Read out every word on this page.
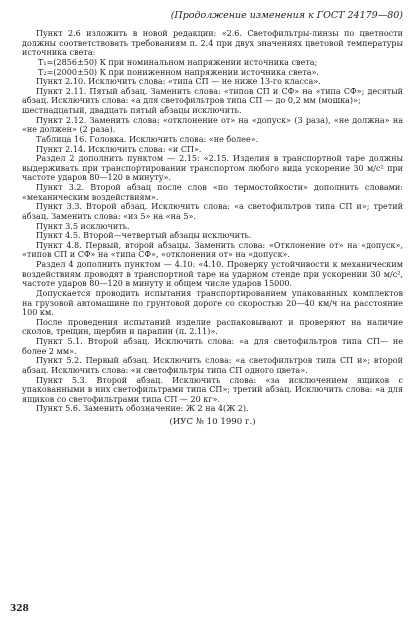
(Продолжение изменения к ГОСТ 24179—80)

Пункт 2.6 изложить в новой редакции: «2.6. Светофильтры-линзы по цветности должны соответствовать требованиям п. 2.4 при двух значениях цветовой температуры источника света:

T₁=(2856±50) К при номинальном напряжении источника света;

T₂=(2000±50) К при пониженном напряжении источника света».

Пункт 2.10. Исключить слова: «типа СП — не ниже 13-го класса».

Пункт 2.11. Пятый абзац. Заменить слова: «типов СП и СФ» на «типа СФ»; десятый абзац. Исключить слова: «а для светофильтров типа СП — до 0,2 мм (мошка)»;

шестнадцатый, двадцать пятый абзацы исключить.

Пункт 2.12. Заменить слова: «отклонение от» на «допуск» (3 раза), «не должна» на «не должен» (2 раза).

Таблица 16. Головка. Исключить слова: «не более».

Пункт 2.14. Исключить слова: «и СП».

Раздел 2 дополнить пунктом — 2.15: «2.15. Изделия в транспортной таре должны выдерживать при транспортировании транспортом любого вида ускорение 30 м/с² при частоте ударов 80—120 в минуту».

Пункт 3.2. Второй абзац после слов «по термостойкости» дополнить словами: «механическим воздействиям».

Пункт 3.3. Второй абзац. Исключить слова: «а светофильтров типа СП и»; третий абзац. Заменить слова: «из 5» на «на 5».

Пункт 3.5 исключить.

Пункт 4.5. Второй—четвертый абзацы исключить.

Пункт 4.8. Первый, второй абзацы. Заменить слова: «Отклонение от» на «допуск», «типов СП и СФ» на «типа СФ», «отклонения от» на «допуск».

Раздел 4 дополнить пунктом — 4.10: «4.10. Проверку устойчивости к механическим воздействиям проводят в транспортной таре на ударном стенде при ускорении 30 м/с², частоте ударов 80—120 в минуту и общем числе ударов 15000.

Допускается проводить испытания транспортированием упакованных комплектов на грузовой автомашине по грунтовой дороге со скоростью 20—40 км/ч на расстояние 100 км.

После проведения испытаний изделие распаковывают и проверяют на наличие сколов, трещин, щербин и царапин (п. 2.11)».

Пункт 5.1. Второй абзац. Исключить слова: «а для светофильтров типа СП— не более 2 мм».

Пункт 5.2. Первый абзац. Исключить слова: «а светофильтров типа СП и»; второй абзац. Исключить слова: «и светофильтры типа СП одного цвета».

Пункт 5.3. Второй абзац. Исключить слова: «за исключением ящиков с упакованными в них светофильтрами типа СП»; третий абзац. Исключить слова: «а для ящиков со светофильтрами типа СП — 20 кг».

Пункт 5.6. Заменить обозначение: Ж 2 на 4(Ж 2).

(ИУС № 10 1990 г.)

328
